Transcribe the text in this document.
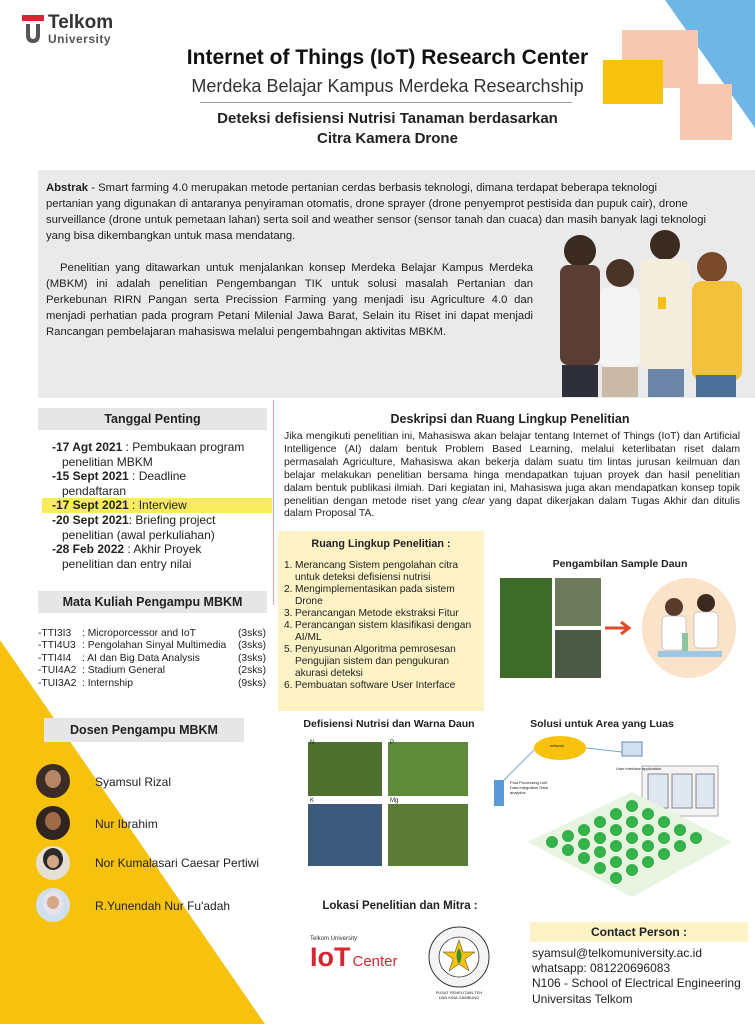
Telkom
University
Internet of Things (IoT) Research Center
Merdeka Belajar Kampus Merdeka Researchship
Deteksi defisiensi Nutrisi Tanaman berdasarkan
Citra Kamera Drone
Abstrak - Smart farming 4.0 merupakan metode pertanian cerdas berbasis teknologi, dimana terdapat beberapa teknologi pertanian yang digunakan di antaranya penyiraman otomatis, drone sprayer (drone penyemprot pestisida dan pupuk cair), drone surveillance (drone untuk pemetaan lahan) serta soil and weather sensor (sensor tanah dan cuaca) dan masih banyak lagi teknologi yang bisa dikembangkan untuk masa mendatang.
Penelitian yang ditawarkan untuk menjalankan konsep Merdeka Belajar Kampus Merdeka (MBKM) ini adalah penelitian Pengembangan TIK untuk solusi masalah Pertanian dan Perkebunan RIRN Pangan serta Precission Farming yang menjadi isu Agriculture 4.0 dan menjadi perhatian pada program Petani Milenial Jawa Barat, Selain itu Riset ini dapat menjadi Rancangan pembelajaran mahasiswa melalui pengembahngan aktivitas MBKM.
Tanggal Penting
-17 Agt 2021 : Pembukaan program
penelitian MBKM
-15 Sept 2021 : Deadline
pendaftaran
-17 Sept 2021 : Interview
-20 Sept 2021: Briefing project
penelitian (awal perkuliahan)
-28 Feb 2022 : Akhir Proyek
penelitian dan entry nilai
Mata Kuliah Pengampu MBKM
-TTI3I3	: Microporcessor and IoT	(3sks)
-TTI4U3 : Pengolahan Sinyal Multimedia	(3sks)
-TTI4I4	: AI dan Big Data Analysis	(3sks)
-TUI4A2 : Stadium General	(2sks)
-TUI3A2 : Internship	(9sks)
Dosen Pengampu MBKM
Syamsul Rizal
Nur Ibrahim
Nor Kumalasari Caesar Pertiwi
R.Yunendah Nur Fu'adah
Deskripsi dan Ruang Lingkup Penelitian
Jika mengikuti penelitian ini, Mahasiswa akan belajar tentang Internet of Things (IoT) dan Artificial Intelligence (AI) dalam bentuk Problem Based Learning, melalui keterlibatan riset dalam permasalah Agriculture, Mahasiswa akan bekerja dalam suatu tim lintas jurusan keilmuan dan belajar melakukan penelitian bersama hinga mendapatkan tujuan proyek dan hasil penelitian dalam bentuk publikasi ilmiah. Dari kegiatan ini, Mahasiswa juga akan mendapatkan konsep topik penelitian dengan metode riset yang clear yang dapat dikerjakan dalam Tugas Akhir dan ditulis dalam Proposal TA.
Ruang Lingkup Penelitian :
1. Merancang Sistem pengolahan citra untuk deteksi defisiensi nutrisi
2. Mengimplementasikan pada sistem Drone
3. Perancangan Metode ekstraksi Fitur
4. Perancangan sistem klasifikasi dengan AI/ML
5. Penyusunan Algoritma pemrosesan Pengujian sistem dan pengukuran akurasi deteksi
6. Pembuatan software User Interface
Pengambilan Sample Daun
Defisiensi Nutrisi dan Warna Daun
N	P
K	Mg
Solusi untuk Area yang Luas
network
User interface application
Post Processing Unit Data integration Data analytics
Lokasi Penelitian dan Mitra :
Telkom University
IoT Center
PUSAT PENELITIAN TEH DAN KINA GAMBUNG
Contact Person :
syamsul@telkomuniversity.ac.id
whatsapp: 081220696083
N106 - School of Electrical Engineering
Universitas Telkom
